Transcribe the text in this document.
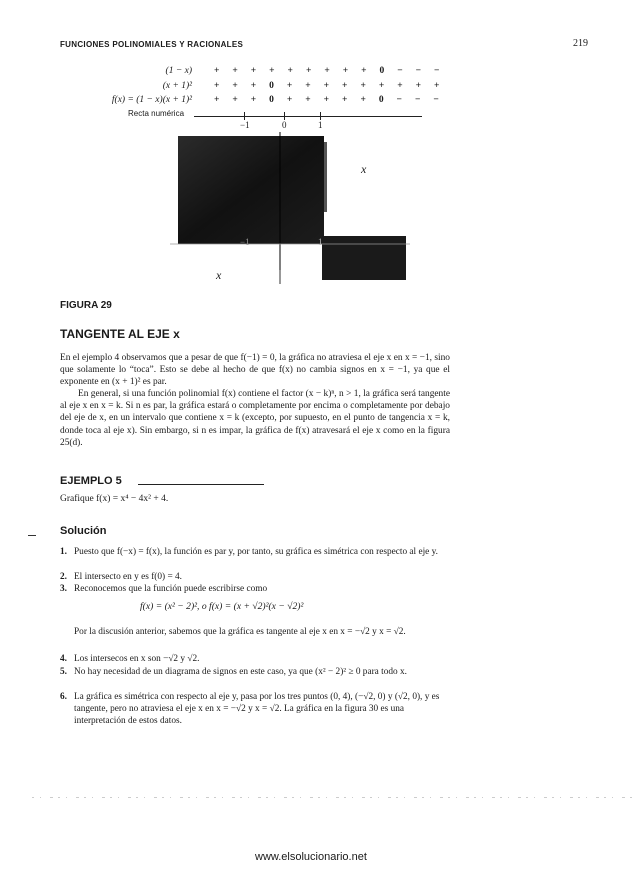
FUNCIONES POLINOMIALES Y RACIONALES	219
(1 − x) + + + + + + + + + 0 − − −
(x + 1)² + + + 0 + + + + + + + + +
f(x) = (1 − x)(x + 1)² + + + 0 + + + + + 0 − − −
Recta numérica
−1	0	1
x
x
−1	1
FIGURA 29
TANGENTE AL EJE x

En el ejemplo 4 observamos que a pesar de que f(−1) = 0, la gráfica no atraviesa el eje x en x = −1, sino que solamente lo “toca”. Esto se debe al hecho de que f(x) no cambia signos en x = −1, ya que el exponente en (x + 1)² es par.

En general, si una función polinomial f(x) contiene el factor (x − k)ⁿ, n > 1, la gráfica será tangente al eje x en x = k. Si n es par, la gráfica estará o completamente por encima o completamente por debajo del eje de x, en un intervalo que contiene x = k (excepto, por supuesto, en el punto de tangencia x = k, donde toca al eje x). Sin embargo, si n es impar, la gráfica de f(x) atravesará el eje x como en la figura 25(d).

EJEMPLO 5
Grafique f(x) = x⁴ − 4x² + 4.
Solución
1. Puesto que f(−x) = f(x), la función es par y, por tanto, su gráfica es simétrica con respecto al eje y.
2. El intersecto en y es f(0) = 4.
3. Reconocemos que la función puede escribirse como
f(x) = (x² − 2)², o f(x) = (x + √2)²(x − √2)²
Por la discusión anterior, sabemos que la gráfica es tangente al eje x en x = −√2 y x = √2.
4. Los intersecos en x son −√2 y √2.
5. No hay necesidad de un diagrama de signos en este caso, ya que (x² − 2)² ≥ 0 para todo x.
6. La gráfica es simétrica con respecto al eje y, pasa por los tres puntos (0, 4), (−√2, 0) y (√2, 0), y es tangente, pero no atraviesa el eje x en x = −√2 y x = √2. La gráfica en la figura 30 es una interpretación de estos datos.
www.elsolucionario.net
